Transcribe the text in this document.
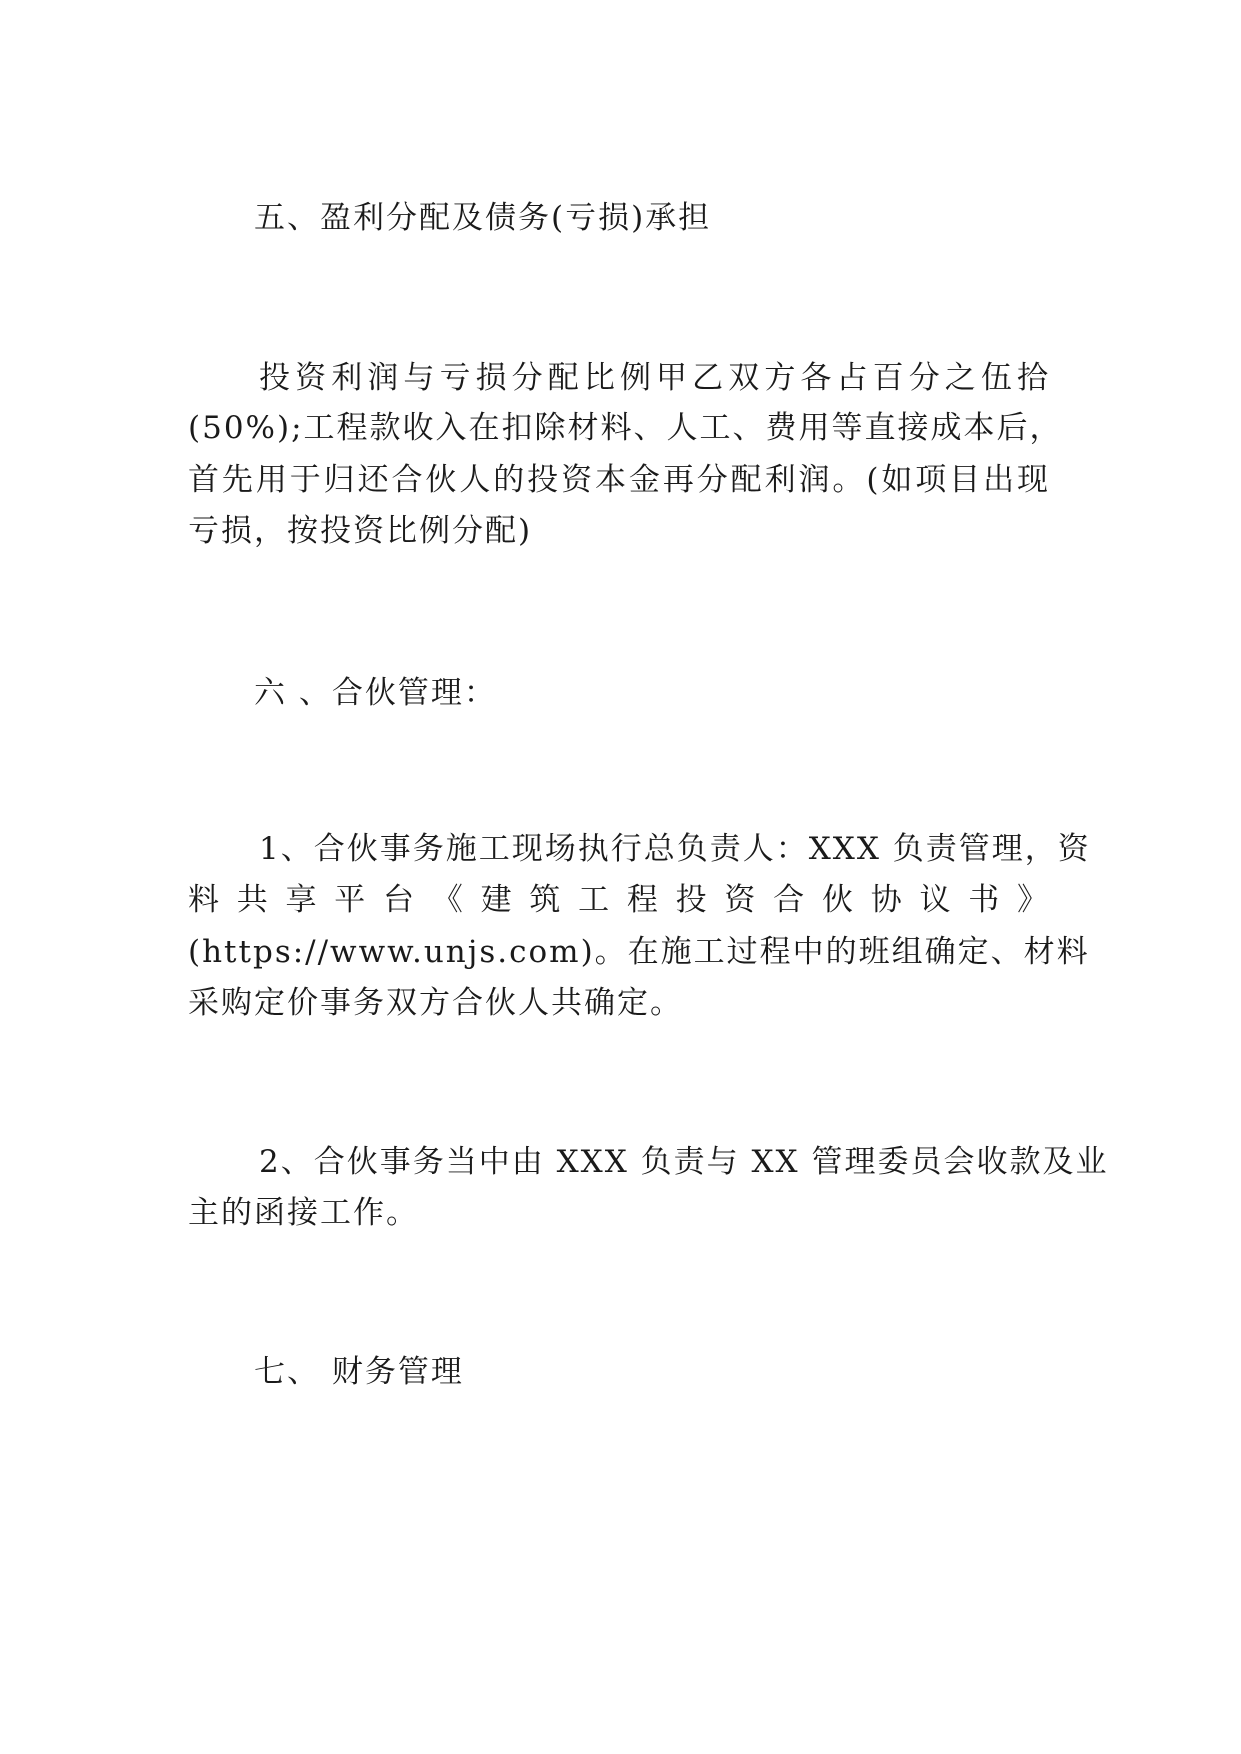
五、盈利分配及债务(亏损)承担
投资利润与亏损分配比例甲乙双方各占百分之伍拾
(50%);工程款收入在扣除材料、人工、费用等直接成本后，
首先用于归还合伙人的投资本金再分配利润。(如项目出现
亏损，按投资比例分配)
六 、合伙管理：
1、合伙事务施工现场执行总负责人：XXX 负责管理，资
料共享平台《建筑工程投资合伙协议书》
(https://www.unjs.com)。在施工过程中的班组确定、材料
采购定价事务双方合伙人共确定。
2、合伙事务当中由 XXX 负责与 XX 管理委员会收款及业
主的函接工作。
七、 财务管理
